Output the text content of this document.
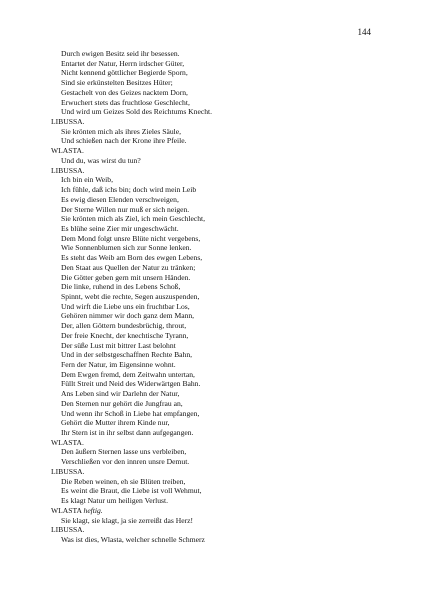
144
Durch ewigen Besitz seid ihr besessen.
Entartet der Natur, Herrn irdscher Güter,
Nicht kennend göttlicher Begierde Sporn,
Sind sie erkünstelten Besitzes Hüter;
Gestachelt von des Geizes nacktem Dorn,
Erwuchert stets das fruchtlose Geschlecht,
Und wird um Geizes Sold des Reichtums Knecht.
LIBUSSA.
Sie krönten mich als ihres Zieles Säule,
Und schießen nach der Krone ihre Pfeile.
WLASTA.
Und du, was wirst du tun?
LIBUSSA.
Ich bin ein Weib,
Ich fühle, daß ichs bin; doch wird mein Leib
Es ewig diesen Elenden verschweigen,
Der Sterne Willen nur muß er sich neigen.
Sie krönten mich als Ziel, ich mein Geschlecht,
Es blühe seine Zier mir ungeschwächt.
Dem Mond folgt unsre Blüte nicht vergebens,
Wie Sonnenblumen sich zur Sonne lenken.
Es steht das Weib am Born des ewgen Lebens,
Den Staat aus Quellen der Natur zu tränken;
Die Götter geben gern mit unsern Händen.
Die linke, ruhend in des Lebens Schoß,
Spinnt, webt die rechte, Segen auszuspenden,
Und wirft die Liebe uns ein fruchtbar Los,
Gehören nimmer wir doch ganz dem Mann,
Der, allen Göttern bundesbrüchig, throut,
Der freie Knecht, der knechtische Tyrann,
Der süße Lust mit bittrer Last belohnt
Und in der selbstgeschaffnen Rechte Bahn,
Fern der Natur, im Eigensinne wohnt.
Dem Ewgen fremd, dem Zeitwahn untertan,
Füllt Streit und Neid des Widerwärtgen Bahn.
Ans Leben sind wir Darlehn der Natur,
Den Sternen nur gehört die Jungfrau an,
Und wenn ihr Schoß in Liebe hat empfangen,
Gehört die Mutter ihrem Kinde nur,
Ihr Stern ist in ihr selbst dann aufgegangen.
WLASTA.
Den äußern Sternen lasse uns verbleiben,
Verschließen vor den innren unsre Demut.
LIBUSSA.
Die Reben weinen, eh sie Blüten treiben,
Es weint die Braut, die Liebe ist voll Wehmut,
Es klagt Natur um heiligen Verlust.
WLASTA heftig.
Sie klagt, sie klagt, ja sie zerreißt das Herz!
LIBUSSA.
Was ist dies, Wlasta, welcher schnelle Schmerz
